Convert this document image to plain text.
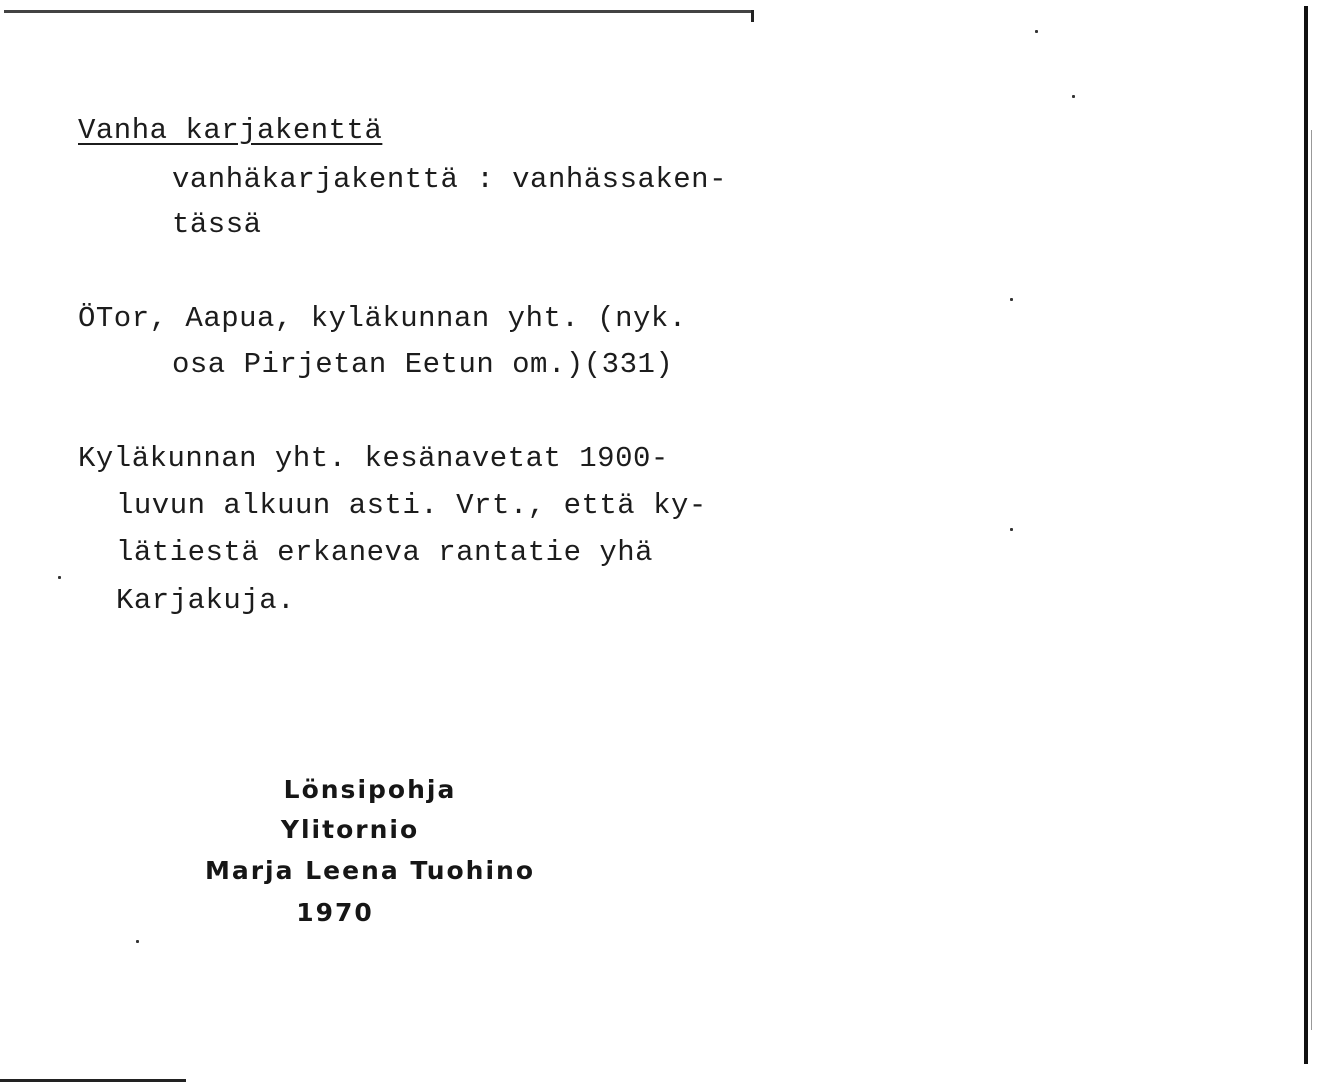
Vanha karjakenttä
vanhäkarjakenttä : vanhässaken-
tässä
ÖTor, Aapua, kyläkunnan yht. (nyk.
osa Pirjetan Eetun om.)(331)
Kyläkunnan yht. kesänavetat 1900-
luvun alkuun asti. Vrt., että ky-
lätiestä erkaneva rantatie yhä
Karjakuja.
Lönsipohja
Ylitornio
Marja Leena Tuohino
1970
